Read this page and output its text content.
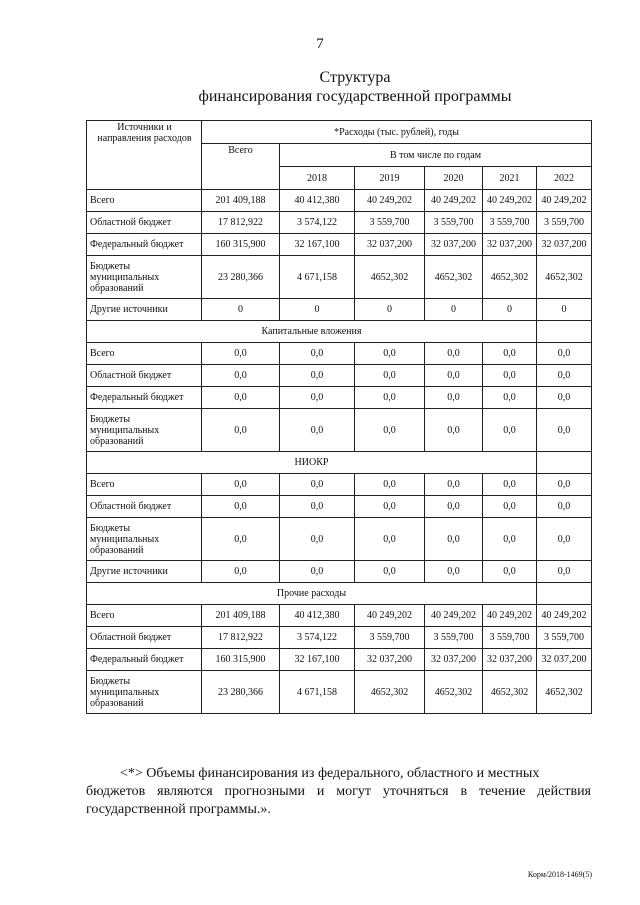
7
Структура
финансирования государственной программы
Источники и направления расходов	*Расходы (тыс. рублей), годы					
	Всего	В том числе по годам				
		2018	2019	2020	2021	2022
Всего	201 409,188	40 412,380	40 249,202	40 249,202	40 249,202	40 249,202
Областной бюджет	17 812,922	3 574,122	3 559,700	3 559,700	3 559,700	3 559,700
Федеральный бюджет	160 315,900	32 167,100	32 037,200	32 037,200	32 037,200	32 037,200
Бюджеты муниципальных образований	23 280,366	4 671,158	4652,302	4652,302	4652,302	4652,302
Другие источники	0	0	0	0	0	0
Капитальные вложения						
Всего	0,0	0,0	0,0	0,0	0,0	0,0
Областной бюджет	0,0	0,0	0,0	0,0	0,0	0,0
Федеральный бюджет	0,0	0,0	0,0	0,0	0,0	0,0
Бюджеты муниципальных образований	0,0	0,0	0,0	0,0	0,0	0,0
НИОКР						
Всего	0,0	0,0	0,0	0,0	0,0	0,0
Областной бюджет	0,0	0,0	0,0	0,0	0,0	0,0
Бюджеты муниципальных образований	0,0	0,0	0,0	0,0	0,0	0,0
Другие источники	0,0	0,0	0,0	0,0	0,0	0,0
Прочие расходы						
Всего	201 409,188	40 412,380	40 249,202	40 249,202	40 249,202	40 249,202
Областной бюджет	17 812,922	3 574,122	3 559,700	3 559,700	3 559,700	3 559,700
Федеральный бюджет	160 315,900	32 167,100	32 037,200	32 037,200	32 037,200	32 037,200
Бюджеты муниципальных образований	23 280,366	4 671,158	4652,302	4652,302	4652,302	4652,302
<*> Объемы финансирования из федерального, областного и местных
бюджетов являются прогнозными и могут уточняться в течение действия государственной программы.».
Корм/2018-1469(5)
